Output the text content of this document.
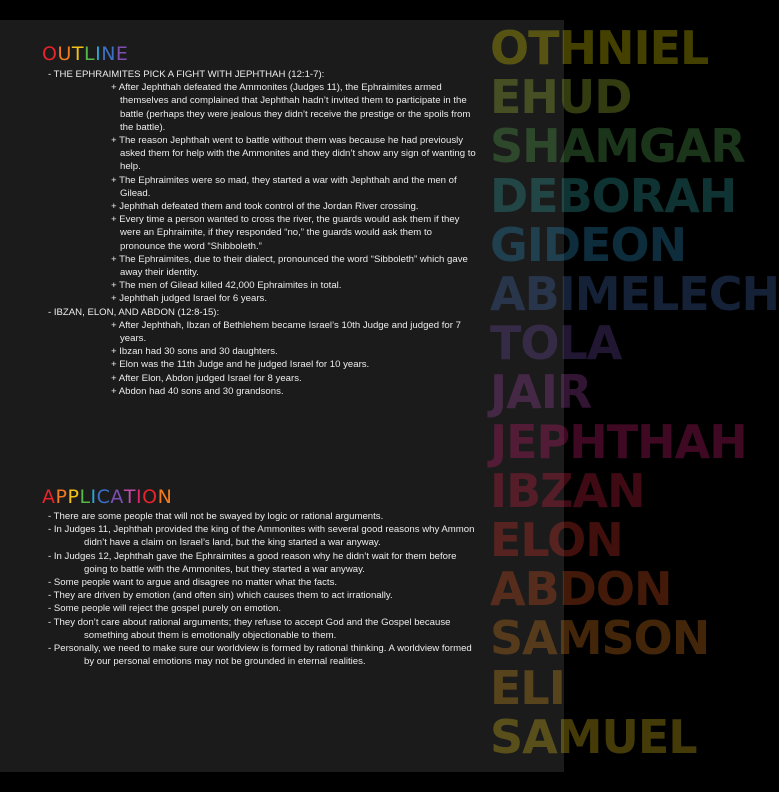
OTHNIEL
EHUD
SHAMGAR
DEBORAH
GIDEON
ABIMELECH
TOLA
JAIR
JEPHTHAH
IBZAN
ELON
ABDON
SAMSON
ELI
SAMUEL
OUTLINE
- THE EPHRAIMITES PICK A FIGHT WITH JEPHTHAH (12:1-7):
+ After Jephthah defeated the Ammonites (Judges 11), the Ephraimites armed themselves and complained that Jephthah hadn’t invited them to participate in the battle (perhaps they were jealous they didn’t receive the prestige or the spoils from the battle).
+ The reason Jephthah went to battle without them was because he had previously asked them for help with the Ammonites and they didn’t show any sign of wanting to help.
+ The Ephraimites were so mad, they started a war with Jephthah and the men of Gilead.
+ Jephthah defeated them and took control of the Jordan River crossing.
+ Every time a person wanted to cross the river, the guards would ask them if they were an Ephraimite, if they responded “no,” the guards would ask them to pronounce the word “Shibboleth.”
+ The Ephraimites, due to their dialect, pronounced the word “Sibboleth” which gave away their identity.
+ The men of Gilead killed 42,000 Ephraimites in total.
+ Jephthah judged Israel for 6 years.
- IBZAN, ELON, AND ABDON (12:8-15):
+ After Jephthah, Ibzan of Bethlehem became Israel’s 10th Judge and judged for 7 years.
+ Ibzan had 30 sons and 30 daughters.
+ Elon was the 11th Judge and he judged Israel for 10 years.
+ After Elon, Abdon judged Israel for 8 years.
+ Abdon had 40 sons and 30 grandsons.
APPLICATION
- There are some people that will not be swayed by logic or rational arguments.
- In Judges 11, Jephthah provided the king of the Ammonites with several good reasons why Ammon didn’t have a claim on Israel’s land, but the king started a war anyway.
- In Judges 12, Jephthah gave the Ephraimites a good reason why he didn’t wait for them before going to battle with the Ammonites, but they started a war anyway.
- Some people want to argue and disagree no matter what the facts.
- They are driven by emotion (and often sin) which causes them to act irrationally.
- Some people will reject the gospel purely on emotion.
- They don’t care about rational arguments; they refuse to accept God and the Gospel because something about them is emotionally objectionable to them.
- Personally, we need to make sure our worldview is formed by rational thinking. A worldview formed by our personal emotions may not be grounded in eternal realities.
